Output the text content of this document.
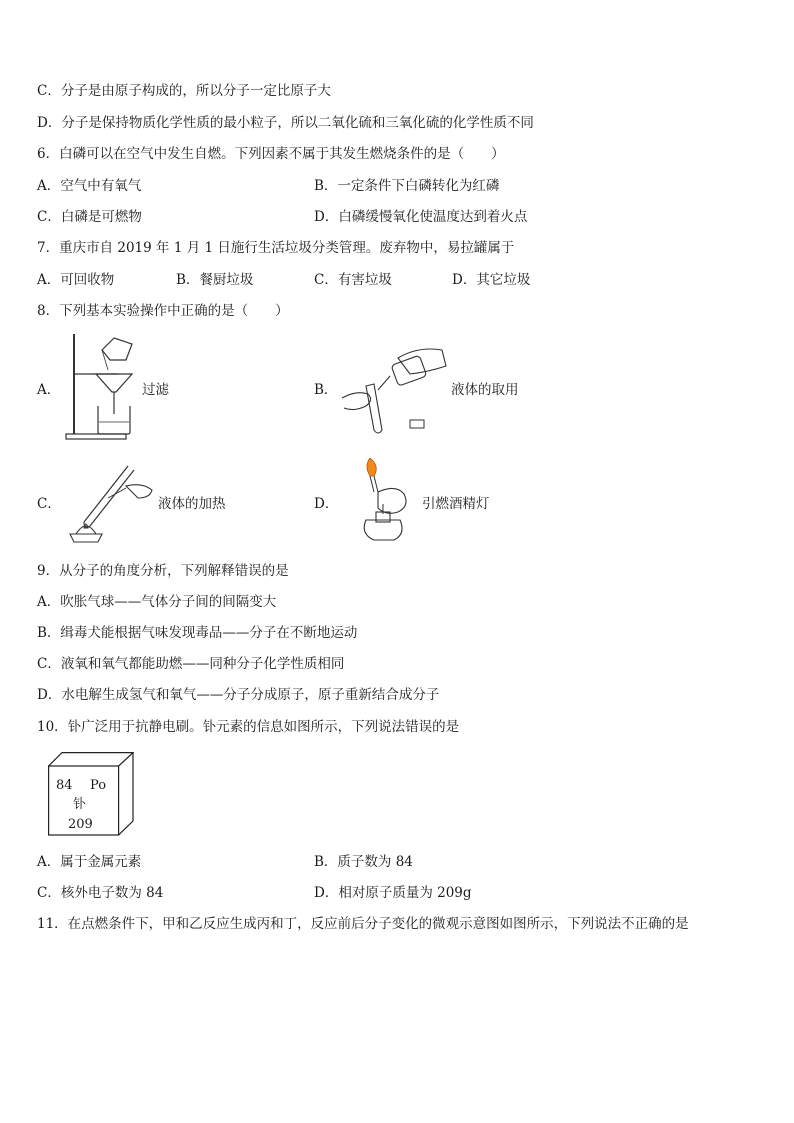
C．分子是由原子构成的，所以分子一定比原子大
D．分子是保持物质化学性质的最小粒子，所以二氧化硫和三氧化硫的化学性质不同
6．白磷可以在空气中发生自燃。下列因素不属于其发生燃烧条件的是（　　）
A．空气中有氧气	B．一定条件下白磷转化为红磷
C．白磷是可燃物	D．白磷缓慢氧化使温度达到着火点
7．重庆市自 2019 年 1 月 1 日施行生活垃圾分类管理。废弃物中，易拉罐属于
A．可回收物	B．餐厨垃圾	C．有害垃圾	D．其它垃圾
8．下列基本实验操作中正确的是（　　）
A．	过滤	B．	液体的取用
C．	液体的加热	D．	引燃酒精灯
9．从分子的角度分析，下列解释错误的是
A．吹胀气球——气体分子间的间隔变大
B．缉毒犬能根据气味发现毒品——分子在不断地运动
C．液氧和氧气都能助燃——同种分子化学性质相同
D．水电解生成氢气和氧气——分子分成原子，原子重新结合成分子
10．钋广泛用于抗静电刷。钋元素的信息如图所示，下列说法错误的是
84 Po
钋
209
A．属于金属元素	B．质子数为 84
C．核外电子数为 84	D．相对原子质量为 209g
11．在点燃条件下，甲和乙反应生成丙和丁，反应前后分子变化的微观示意图如图所示，下列说法不正确的是
